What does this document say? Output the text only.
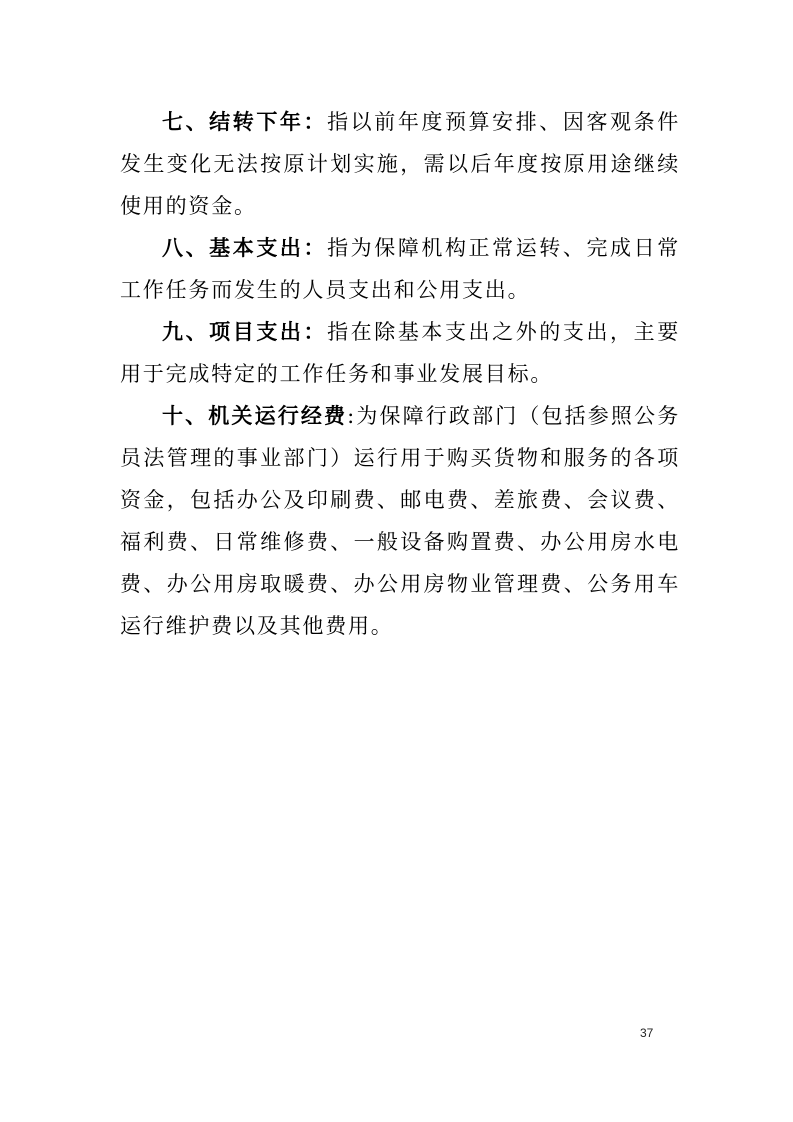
七、结转下年：指以前年度预算安排、因客观条件发生变化无法按原计划实施，需以后年度按原用途继续使用的资金。

八、基本支出：指为保障机构正常运转、完成日常工作任务而发生的人员支出和公用支出。

九、项目支出：指在除基本支出之外的支出，主要用于完成特定的工作任务和事业发展目标。

十、机关运行经费:为保障行政部门（包括参照公务员法管理的事业部门）运行用于购买货物和服务的各项资金，包括办公及印刷费、邮电费、差旅费、会议费、福利费、日常维修费、一般设备购置费、办公用房水电费、办公用房取暖费、办公用房物业管理费、公务用车运行维护费以及其他费用。

37
